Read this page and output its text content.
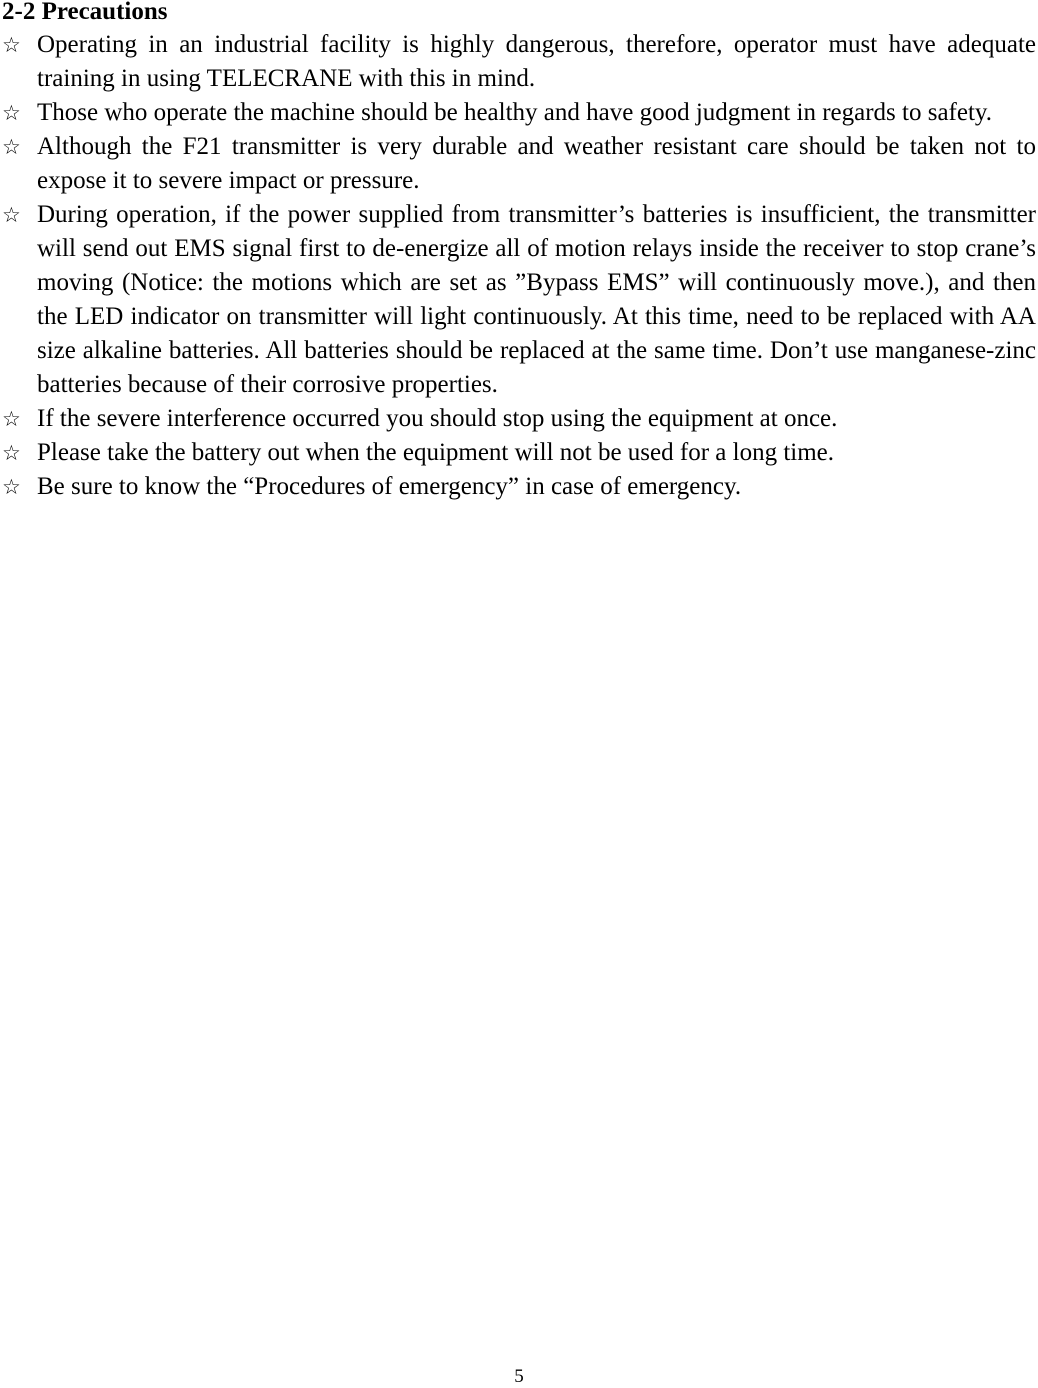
2-2 Precautions
☆ Operating in an industrial facility is highly dangerous, therefore, operator must have adequate training in using TELECRANE with this in mind.
☆ Those who operate the machine should be healthy and have good judgment in regards to safety.
☆ Although the F21 transmitter is very durable and weather resistant care should be taken not to expose it to severe impact or pressure.
☆ During operation, if the power supplied from transmitter’s batteries is insufficient, the transmitter will send out EMS signal first to de-energize all of motion relays inside the receiver to stop crane’s moving (Notice: the motions which are set as ”Bypass EMS” will continuously move.), and then the LED indicator on transmitter will light continuously. At this time, need to be replaced with AA size alkaline batteries. All batteries should be replaced at the same time. Don’t use manganese-zinc batteries because of their corrosive properties.
☆ If the severe interference occurred you should stop using the equipment at once.
☆ Please take the battery out when the equipment will not be used for a long time.
☆ Be sure to know the “Procedures of emergency” in case of emergency.
5
